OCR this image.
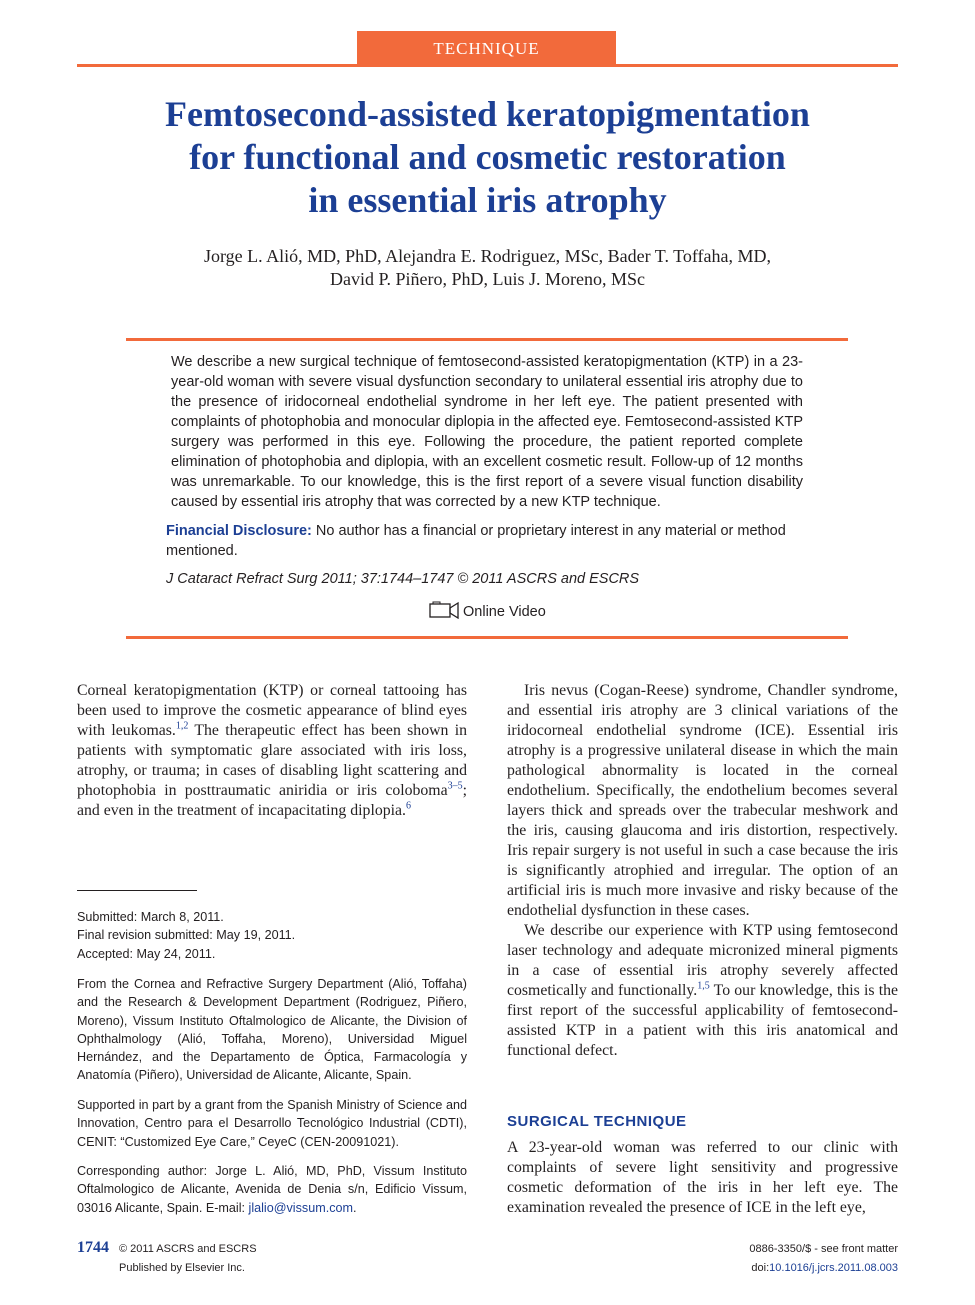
TECHNIQUE
Femtosecond-assisted keratopigmentation
for functional and cosmetic restoration
in essential iris atrophy
Jorge L. Alió, MD, PhD, Alejandra E. Rodriguez, MSc, Bader T. Toffaha, MD,
David P. Piñero, PhD, Luis J. Moreno, MSc
We describe a new surgical technique of femtosecond-assisted keratopigmentation (KTP) in a 23-year-old woman with severe visual dysfunction secondary to unilateral essential iris atrophy due to the presence of iridocorneal endothelial syndrome in her left eye. The patient presented with complaints of photophobia and monocular diplopia in the affected eye. Femtosecond-assisted KTP surgery was performed in this eye. Following the procedure, the patient reported complete elimination of photophobia and diplopia, with an excellent cosmetic result. Follow-up of 12 months was unremarkable. To our knowledge, this is the first report of a severe visual function disability caused by essential iris atrophy that was corrected by a new KTP technique.
Financial Disclosure: No author has a financial or proprietary interest in any material or method mentioned.
J Cataract Refract Surg 2011; 37:1744–1747 © 2011 ASCRS and ESCRS
Online Video

Corneal keratopigmentation (KTP) or corneal tattooing has been used to improve the cosmetic appearance of blind eyes with leukomas.$^{1,2}$ The therapeutic effect has been shown in patients with symptomatic glare associated with iris loss, atrophy, or trauma; in cases of disabling light scattering and photophobia in posttraumatic aniridia or iris coloboma$^{3-5}$; and even in the treatment of incapacitating diplopia.$^6$

Submitted: March 8, 2011.
Final revision submitted: May 19, 2011.
Accepted: May 24, 2011.
From the Cornea and Refractive Surgery Department (Alió, Toffaha) and the Research & Development Department (Rodriguez, Piñero, Moreno), Vissum Instituto Oftalmologico de Alicante, the Division of Ophthalmology (Alió, Toffaha, Moreno), Universidad Miguel Hernández, and the Departamento de Óptica, Farmacología y Anatomía (Piñero), Universidad de Alicante, Alicante, Spain.
Supported in part by a grant from the Spanish Ministry of Science and Innovation, Centro para el Desarrollo Tecnológico Industrial (CDTI), CENIT: “Customized Eye Care,” CeyeC (CEN-20091021).
Corresponding author: Jorge L. Alió, MD, PhD, Vissum Instituto Oftalmologico de Alicante, Avenida de Denia s/n, Edificio Vissum, 03016 Alicante, Spain. E-mail: jlalio@vissum.com.

Iris nevus (Cogan-Reese) syndrome, Chandler syndrome, and essential iris atrophy are 3 clinical variations of the iridocorneal endothelial syndrome (ICE). Essential iris atrophy is a progressive unilateral disease in which the main pathological abnormality is located in the corneal endothelium. Specifically, the endothelium becomes several layers thick and spreads over the trabecular meshwork and the iris, causing glaucoma and iris distortion, respectively. Iris repair surgery is not useful in such a case because the iris is significantly atrophied and irregular. The option of an artificial iris is much more invasive and risky because of the endothelial dysfunction in these cases.

We describe our experience with KTP using femtosecond laser technology and adequate micronized mineral pigments in a case of essential iris atrophy severely affected cosmetically and functionally.$^{1,5}$ To our knowledge, this is the first report of the successful applicability of femtosecond-assisted KTP in a patient with this iris anatomical and functional defect.

SURGICAL TECHNIQUE
A 23-year-old woman was referred to our clinic with complaints of severe light sensitivity and progressive cosmetic deformation of the iris in her left eye. The examination revealed the presence of ICE in the left eye,
1744 © 2011 ASCRS and ESCRS
Published by Elsevier Inc.
0886-3350/$ - see front matter
doi:10.1016/j.jcrs.2011.08.003
